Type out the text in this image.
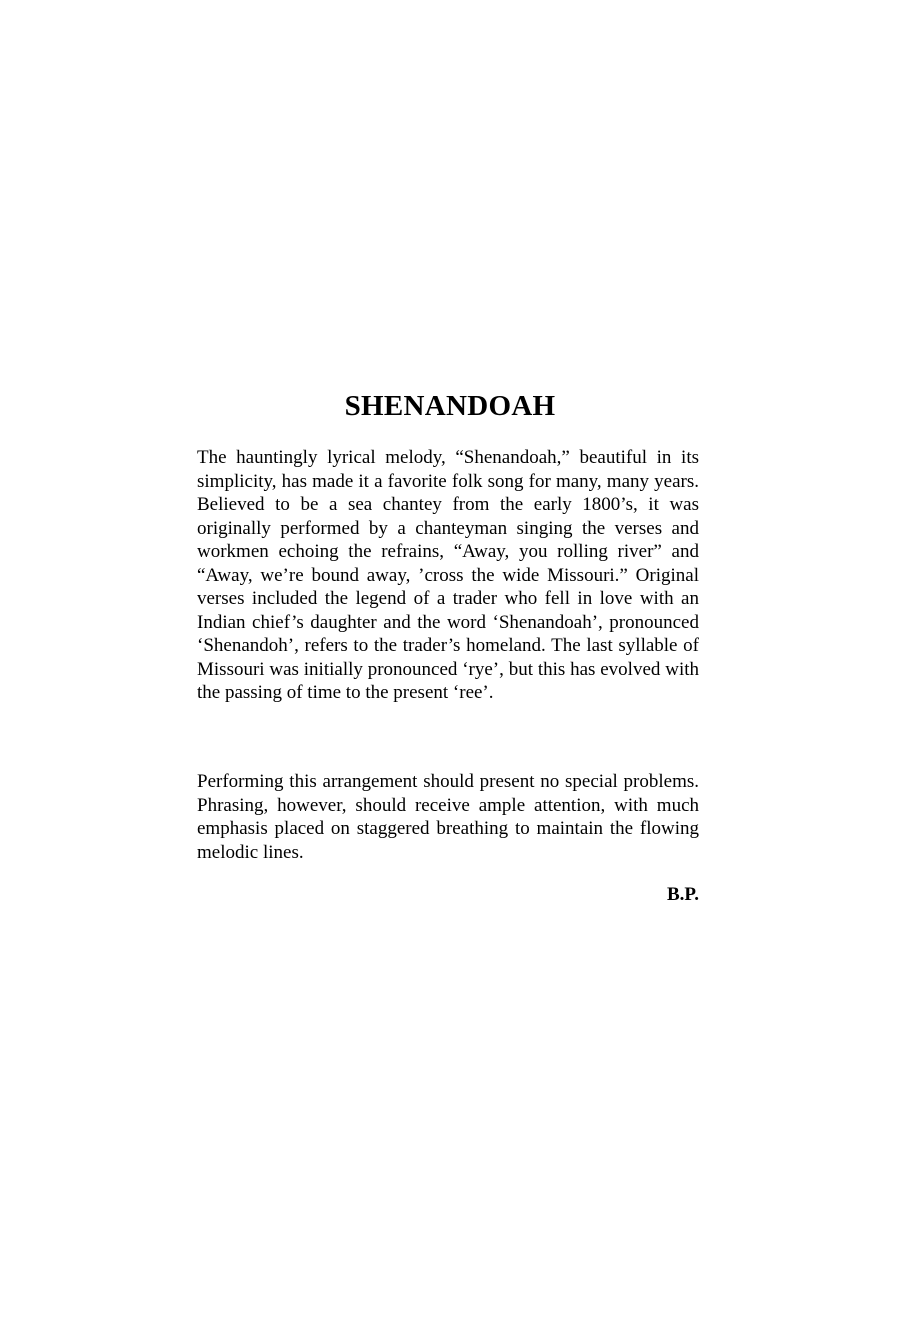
SHENANDOAH

The hauntingly lyrical melody, “Shenandoah,” beautiful in its simplicity, has made it a favorite folk song for many, many years. Believed to be a sea chantey from the early 1800’s, it was originally performed by a chanteyman singing the verses and workmen echoing the refrains, “Away, you rolling river” and “Away, we’re bound away, ’cross the wide Missouri.” Original verses included the legend of a trader who fell in love with an Indian chief’s daughter and the word ‘Shenandoah’, pronounced ‘Shenandoh’, refers to the trader’s homeland. The last syllable of Missouri was initially pronounced ‘rye’, but this has evolved with the passing of time to the present ‘ree’.

Performing this arrangement should present no special problems. Phrasing, however, should receive ample attention, with much emphasis placed on staggered breathing to maintain the flowing melodic lines.

B.P.
